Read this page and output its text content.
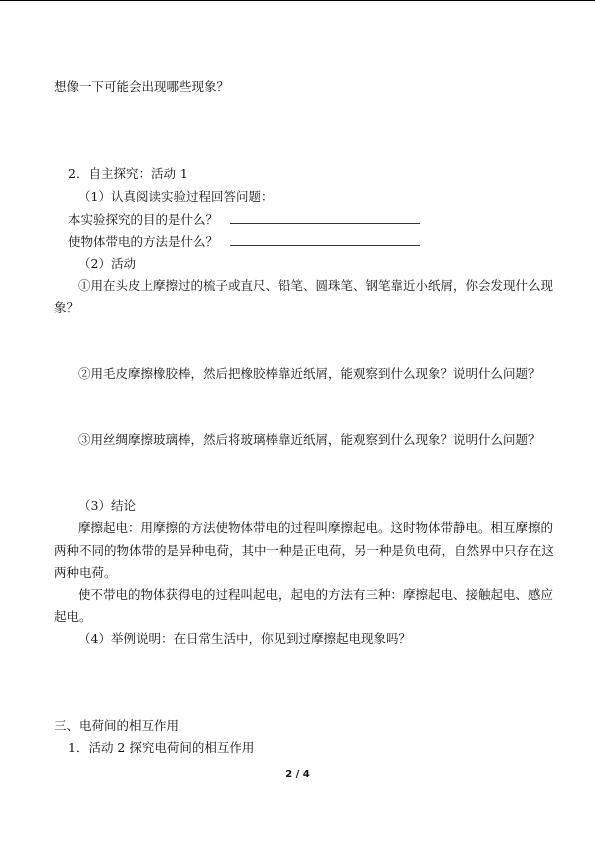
想像一下可能会出现哪些现象？
2．自主探究：活动 1
（1）认真阅读实验过程回答问题：
本实验探究的目的是什么？
使物体带电的方法是什么？
（2）活动
①用在头皮上摩擦过的梳子或直尺、铅笔、圆珠笔、钢笔靠近小纸屑，你会发现什么现
象？
②用毛皮摩擦橡胶棒，然后把橡胶棒靠近纸屑，能观察到什么现象？说明什么问题？
③用丝绸摩擦玻璃棒，然后将玻璃棒靠近纸屑，能观察到什么现象？说明什么问题？
（3）结论
摩擦起电：用摩擦的方法使物体带电的过程叫摩擦起电。这时物体带静电。相互摩擦的
两种不同的物体带的是异种电荷，其中一种是正电荷，另一种是负电荷，自然界中只存在这
两种电荷。
使不带电的物体获得电的过程叫起电，起电的方法有三种：摩擦起电、接触起电、感应
起电。
（4）举例说明：在日常生活中，你见到过摩擦起电现象吗？
三、电荷间的相互作用
1．活动 2 探究电荷间的相互作用
2 / 4
